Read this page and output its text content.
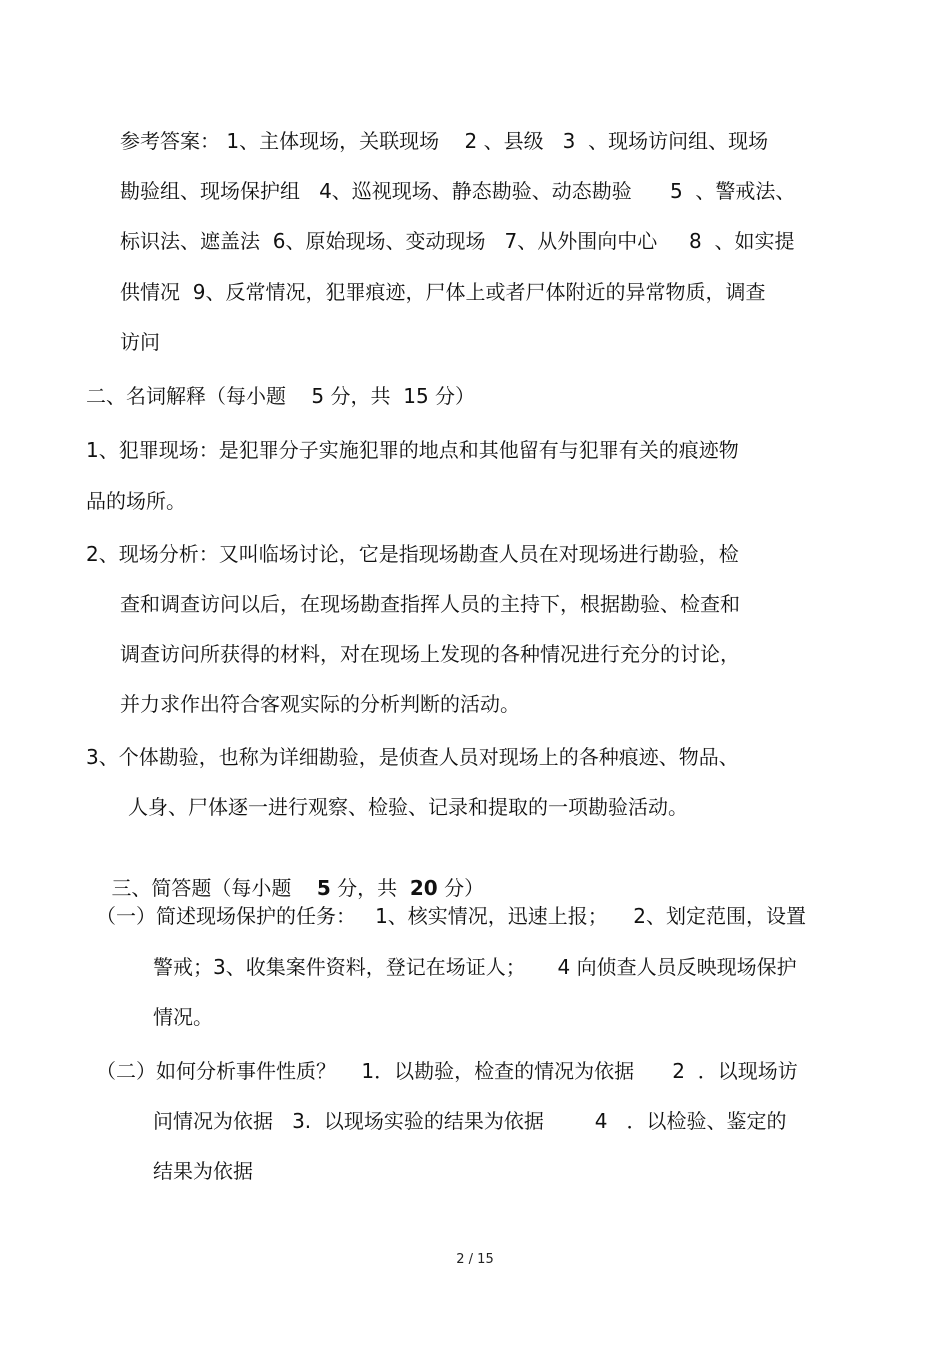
参考答案： 1、主体现场，关联现场    2 、县级   3  、现场访问组、现场
勘验组、现场保护组   4、巡视现场、静态勘验、动态勘验      5  、警戒法、
标识法、遮盖法  6、原始现场、变动现场   7、从外围向中心     8  、如实提
供情况  9、反常情况，犯罪痕迹，尸体上或者尸体附近的异常物质，调查
访问
二、名词解释（每小题    5 分，共  15 分）
1、犯罪现场：是犯罪分子实施犯罪的地点和其他留有与犯罪有关的痕迹物
品的场所。
2、现场分析：又叫临场讨论，它是指现场勘查人员在对现场进行勘验，检
查和调查访问以后，在现场勘查指挥人员的主持下，根据勘验、检查和
调查访问所获得的材料，对在现场上发现的各种情况进行充分的讨论，
并力求作出符合客观实际的分析判断的活动。
3、个体勘验，也称为详细勘验，是侦查人员对现场上的各种痕迹、物品、
人身、尸体逐一进行观察、检验、记录和提取的一项勘验活动。

三、简答题（每小题    5 分，共  20 分）

（一）简述现场保护的任务：   1、核实情况，迅速上报；    2、划定范围，设置
警戒；3、收集案件资料，登记在场证人；     4 向侦查人员反映现场保护
情况。
（二）如何分析事件性质？    1．以勘验，检查的情况为依据      2  ．以现场访
问情况为依据   3.  以现场实验的结果为依据        4   ．以检验、鉴定的
结果为依据
2 / 15
